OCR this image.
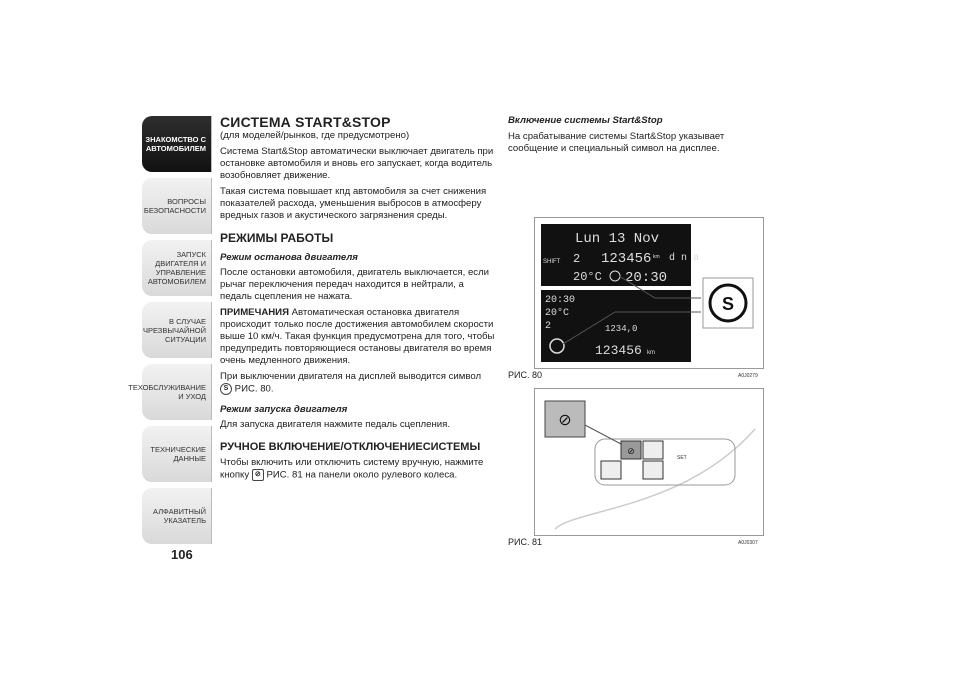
ЗНАКОМСТВО С
АВТОМОБИЛЕМ
ВОПРОСЫ
БЕЗОПАСНОСТИ
ЗАПУСК ДВИГАТЕЛЯ И
УПРАВЛЕНИЕ
АВТОМОБИЛЕМ
В СЛУЧАЕ
ЧРЕЗВЫЧАЙНОЙ
СИТУАЦИИ
ТЕХОБСЛУЖИВАНИЕ
И УХОД
ТЕХНИЧЕСКИЕ
ДАННЫЕ
АЛФАВИТНЫЙ
УКАЗАТЕЛЬ
106
СИСТЕМА START&STOP

(для моделей/рынков, где предусмотрено)

Система Start&Stop автоматически выключает двигатель при остановке автомобиля и вновь его запускает, когда водитель возобновляет движение.

Такая система повышает кпд автомобиля за счет снижения показателей расхода, уменьшения выбросов в атмосферу вредных газов и акустического загрязнения среды.

РЕЖИМЫ РАБОТЫ
Режим останова двигателя

После остановки автомобиля, двигатель выключается, если рычаг переключения передач находится в нейтрали, а педаль сцепления не нажата.

ПРИМЕЧАНИЯ Автоматическая остановка двигателя происходит только после достижения автомобилем скорости выше 10 км/ч. Такая функция предусмотрена для того, чтобы предупредить повторяющиеся остановы двигателя во время очень медленного движения.

При выключении двигателя на дисплей выводится символ S РИС. 80.

Режим запуска двигателя

Для запуска двигателя нажмите педаль сцепления.

РУЧНОЕ ВКЛЮЧЕНИЕ/ОТКЛЮЧЕНИЕСИСТЕМЫ

Чтобы включить или отключить систему вручную, нажмите кнопку ⊘ РИС. 81 на панели около рулевого колеса.

Включение системы Start&Stop

На срабатывание системы Start&Stop указывает сообщение и специальный символ на дисплее.

Lun 13 Nov
SHIFT 2 123456 km d n a
20°C 20:30
20:30
20°C
2	1234,0
123456 km
S
РИС. 80	A0J0279
⊘
⊘
SET
РИС. 81	A0J0307
